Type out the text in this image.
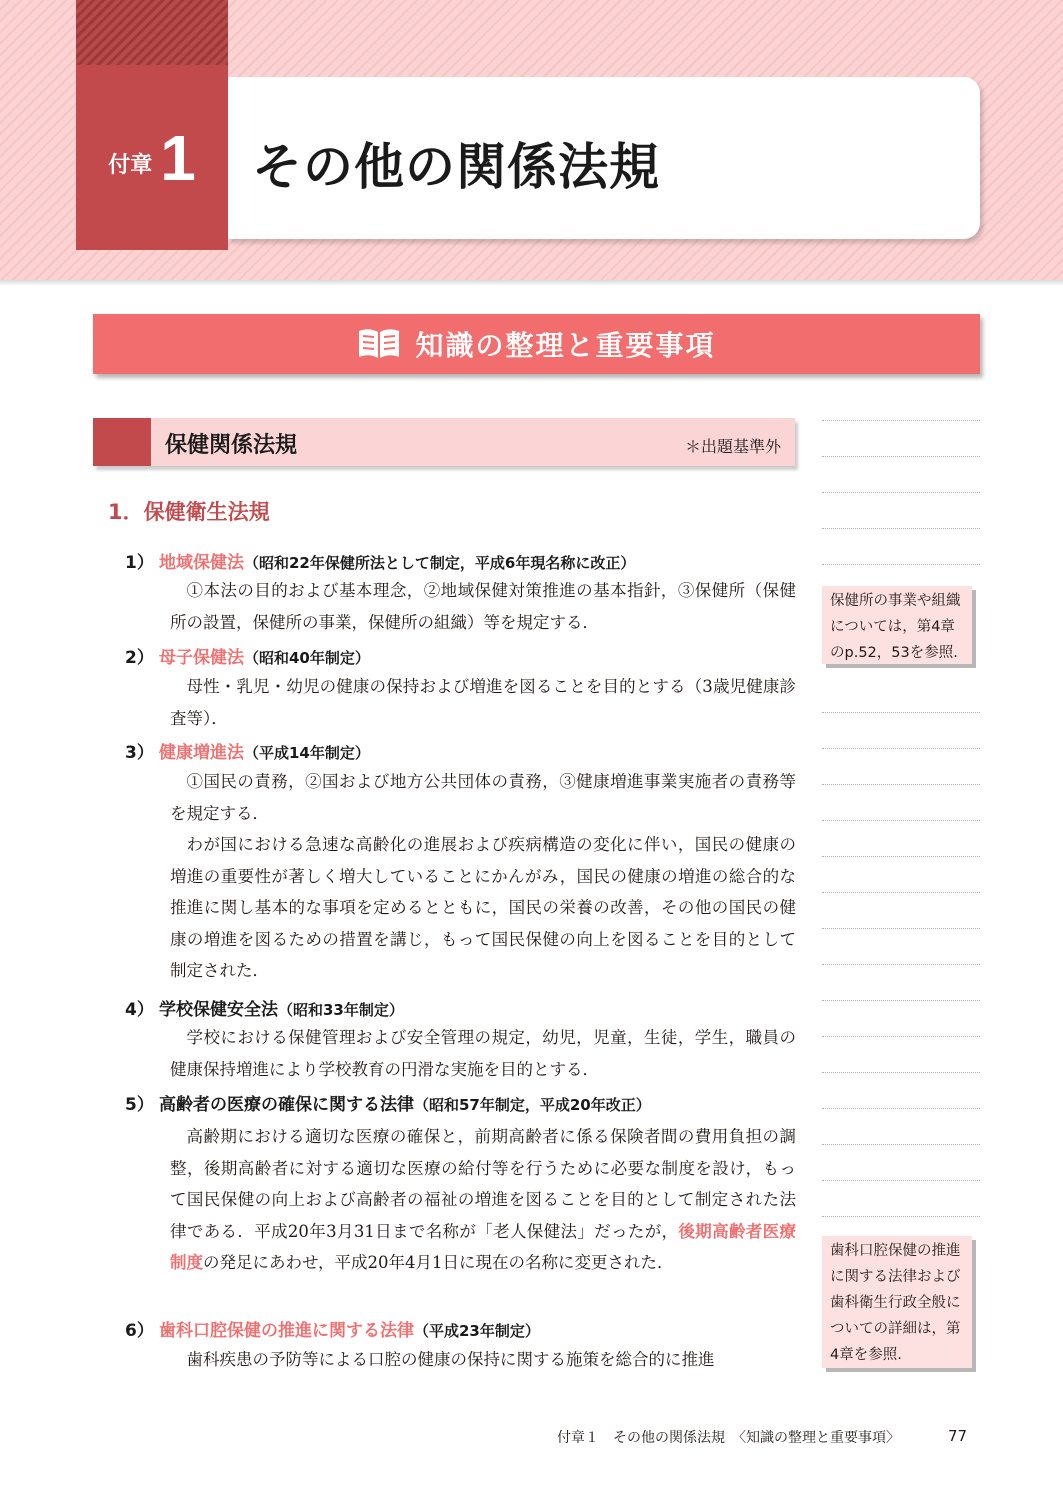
付章 1 その他の関係法規
知識の整理と重要事項
保健関係法規	＊出題基準外
1．保健衛生法規
1） 地域保健法（昭和22年保健所法として制定，平成6年現名称に改正）
①本法の目的および基本理念，②地域保健対策推進の基本指針，③保健所（保健所の設置，保健所の事業，保健所の組織）等を規定する．
2） 母子保健法（昭和40年制定）
母性・乳児・幼児の健康の保持および増進を図ることを目的とする（3歳児健康診査等）．
3） 健康増進法（平成14年制定）
①国民の責務，②国および地方公共団体の責務，③健康増進事業実施者の責務等を規定する．
わが国における急速な高齢化の進展および疾病構造の変化に伴い，国民の健康の増進の重要性が著しく増大していることにかんがみ，国民の健康の増進の総合的な推進に関し基本的な事項を定めるとともに，国民の栄養の改善，その他の国民の健康の増進を図るための措置を講じ，もって国民保健の向上を図ることを目的として制定された．
4） 学校保健安全法（昭和33年制定）
学校における保健管理および安全管理の規定，幼児，児童，生徒，学生，職員の健康保持増進により学校教育の円滑な実施を目的とする．
5） 高齢者の医療の確保に関する法律（昭和57年制定，平成20年改正）
高齢期における適切な医療の確保と，前期高齢者に係る保険者間の費用負担の調整，後期高齢者に対する適切な医療の給付等を行うために必要な制度を設け，もって国民保健の向上および高齢者の福祉の増進を図ることを目的として制定された法律である．平成20年3月31日まで名称が「老人保健法」だったが，後期高齢者医療制度の発足にあわせ，平成20年4月1日に現在の名称に変更された．
6） 歯科口腔保健の推進に関する法律（平成23年制定）
歯科疾患の予防等による口腔の健康の保持に関する施策を総合的に推進
保健所の事業や組織については，第4章のp.52，53を参照.
歯科口腔保健の推進に関する法律および歯科衛生行政全般についての詳細は，第4章を参照.
付章１　その他の関係法規　〈知識の整理と重要事項〉	77
